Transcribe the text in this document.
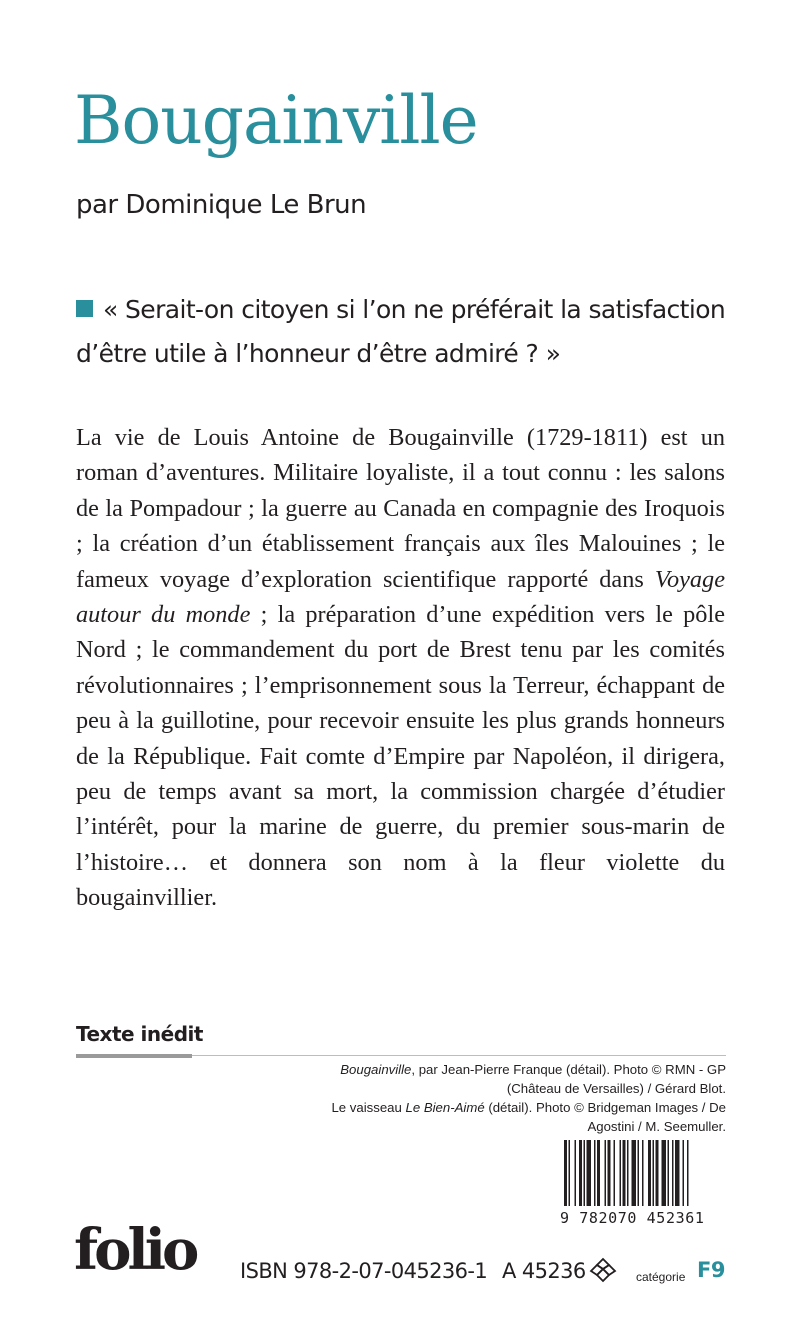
Bougainville
par Dominique Le Brun
« Serait-on citoyen si l’on ne préférait la satisfaction d’être utile à l’honneur d’être admiré ? »

La vie de Louis Antoine de Bougainville (1729-1811) est un roman d’aventures. Militaire loyaliste, il a tout connu : les salons de la Pompadour ; la guerre au Canada en compagnie des Iroquois ; la création d’un établissement français aux îles Malouines ; le fameux voyage d’exploration scientifique rapporté dans Voyage autour du monde ; la préparation d’une expédition vers le pôle Nord ; le commandement du port de Brest tenu par les comités révolutionnaires ; l’emprisonnement sous la Terreur, échappant de peu à la guillotine, pour recevoir ensuite les plus grands honneurs de la République. Fait comte d’Empire par Napoléon, il dirigera, peu de temps avant sa mort, la commission chargée d’étudier l’intérêt, pour la marine de guerre, du premier sous-marin de l’histoire… et donnera son nom à la fleur violette du bougainvillier.

Texte inédit
Bougainville, par Jean-Pierre Franque (détail). Photo © RMN - GP (Château de Versailles) / Gérard Blot.
Le vaisseau Le Bien-Aimé (détail). Photo © Bridgeman Images / De Agostini / M. Seemuller.
9 782070 452361
folio ISBN 978-2-07-045236-1 A 45236	catégorie F9
